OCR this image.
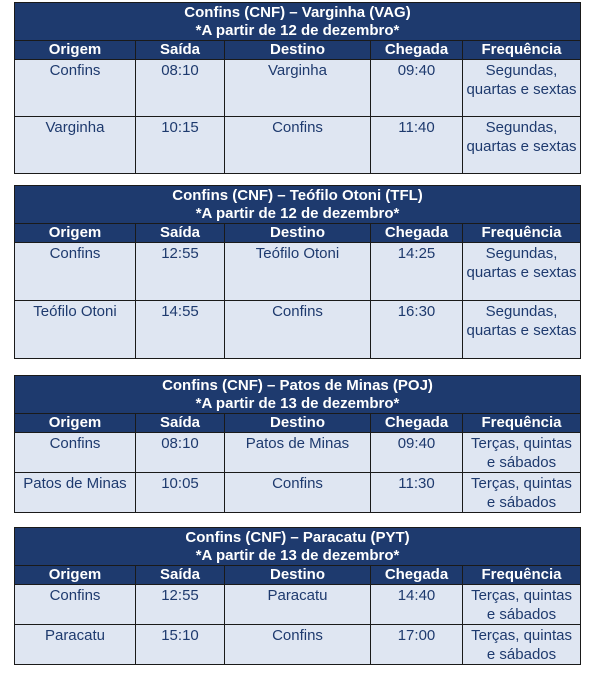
Confins (CNF) – Varginha (VAG)
*A partir de 12 de dezembro*				

Origem	Saída	Destino	Chegada	Frequência
Confins	08:10	Varginha	09:40	Segundas, quartas e sextas
Varginha	10:15	Confins	11:40	Segundas, quartas e sextas
Confins (CNF) – Teófilo Otoni (TFL)
*A partir de 12 de dezembro*				

Origem	Saída	Destino	Chegada	Frequência
Confins	12:55	Teófilo Otoni	14:25	Segundas, quartas e sextas
Teófilo Otoni	14:55	Confins	16:30	Segundas, quartas e sextas
Confins (CNF) – Patos de Minas (POJ)
*A partir de 13 de dezembro*				

Origem	Saída	Destino	Chegada	Frequência
Confins	08:10	Patos de Minas	09:40	Terças, quintas e sábados
Patos de Minas	10:05	Confins	11:30	Terças, quintas e sábados
Confins (CNF) – Paracatu (PYT)
*A partir de 13 de dezembro*				

Origem	Saída	Destino	Chegada	Frequência
Confins	12:55	Paracatu	14:40	Terças, quintas e sábados
Paracatu	15:10	Confins	17:00	Terças, quintas e sábados
